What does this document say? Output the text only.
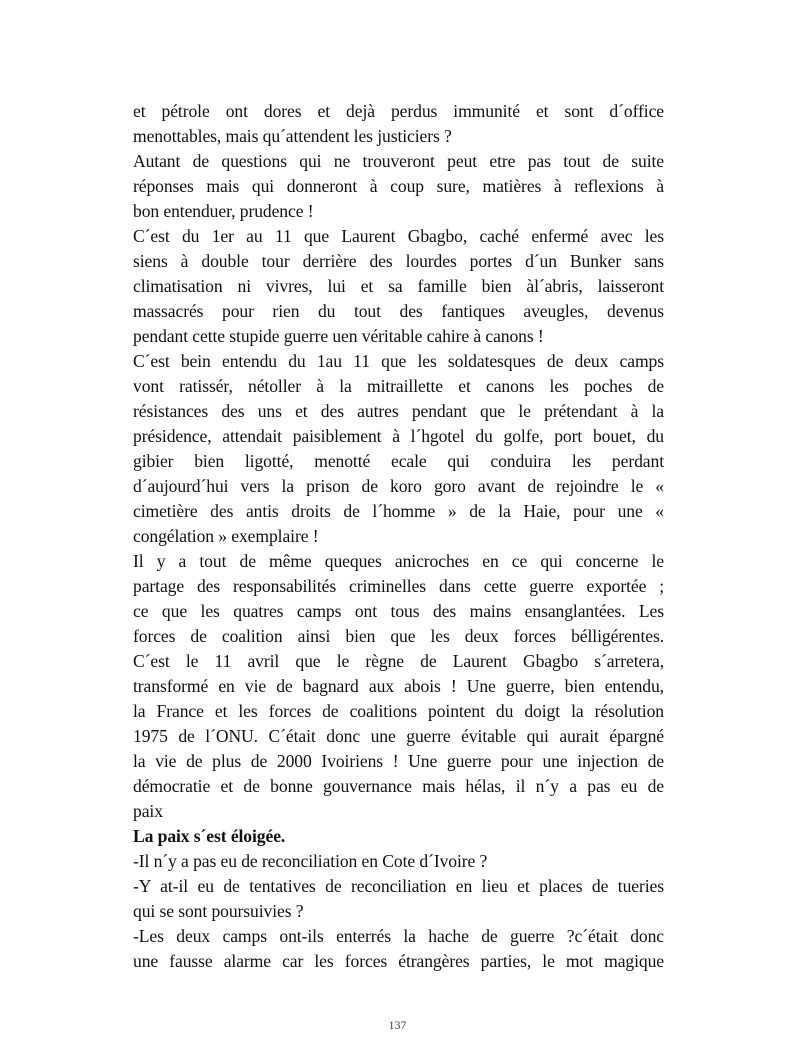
et pétrole ont dores et dejà perdus immunité et sont d´office
menottables, mais qu´attendent les justiciers ?
Autant de questions qui ne trouveront peut etre pas tout de suite
réponses mais qui donneront à coup sure, matières à reflexions à
bon entenduer, prudence !
C´est du 1er au 11 que Laurent Gbagbo, caché enfermé avec les
siens à double tour derrière des lourdes portes d´un Bunker sans
climatisation ni vivres, lui et sa famille bien àl´abris, laisseront
massacrés pour rien du tout des fantiques aveugles, devenus
pendant cette stupide guerre uen véritable cahire à canons !
C´est bein entendu du 1au 11 que les soldatesques de deux camps
vont ratissér, nétoller à la mitraillette et canons les poches de
résistances des uns et des autres pendant que le prétendant à la
présidence, attendait paisiblement à l´hgotel du golfe, port bouet, du
gibier bien ligotté, menotté ecale qui conduira les perdant
d´aujourd´hui vers la prison de koro goro avant de rejoindre le «
cimetière des antis droits de l´homme » de la Haie, pour une «
congélation » exemplaire !
Il y a tout de même queques anicroches en ce qui concerne le
partage des responsabilités criminelles dans cette guerre exportée ;
ce que les quatres camps ont tous des mains ensanglantées. Les
forces de coalition ainsi bien que les deux forces bélligérentes.
C´est le 11 avril que le règne de Laurent Gbagbo s´arretera,
transformé en vie de bagnard aux abois ! Une guerre, bien entendu,
la France et les forces de coalitions pointent du doigt la résolution
1975 de l´ONU. C´était donc une guerre évitable qui aurait épargné
la vie de plus de 2000 Ivoiriens ! Une guerre pour une injection de
démocratie et de bonne gouvernance mais hélas, il n´y a pas eu de
paix
La paix s´est éloigée.
-Il n´y a pas eu de reconciliation en Cote d´Ivoire ?
-Y at-il eu de tentatives de reconciliation en lieu et places de tueries
qui se sont poursuivies ?
-Les deux camps ont-ils enterrés la hache de guerre ?c´était donc
une fausse alarme car les forces étrangères parties, le mot magique
137
